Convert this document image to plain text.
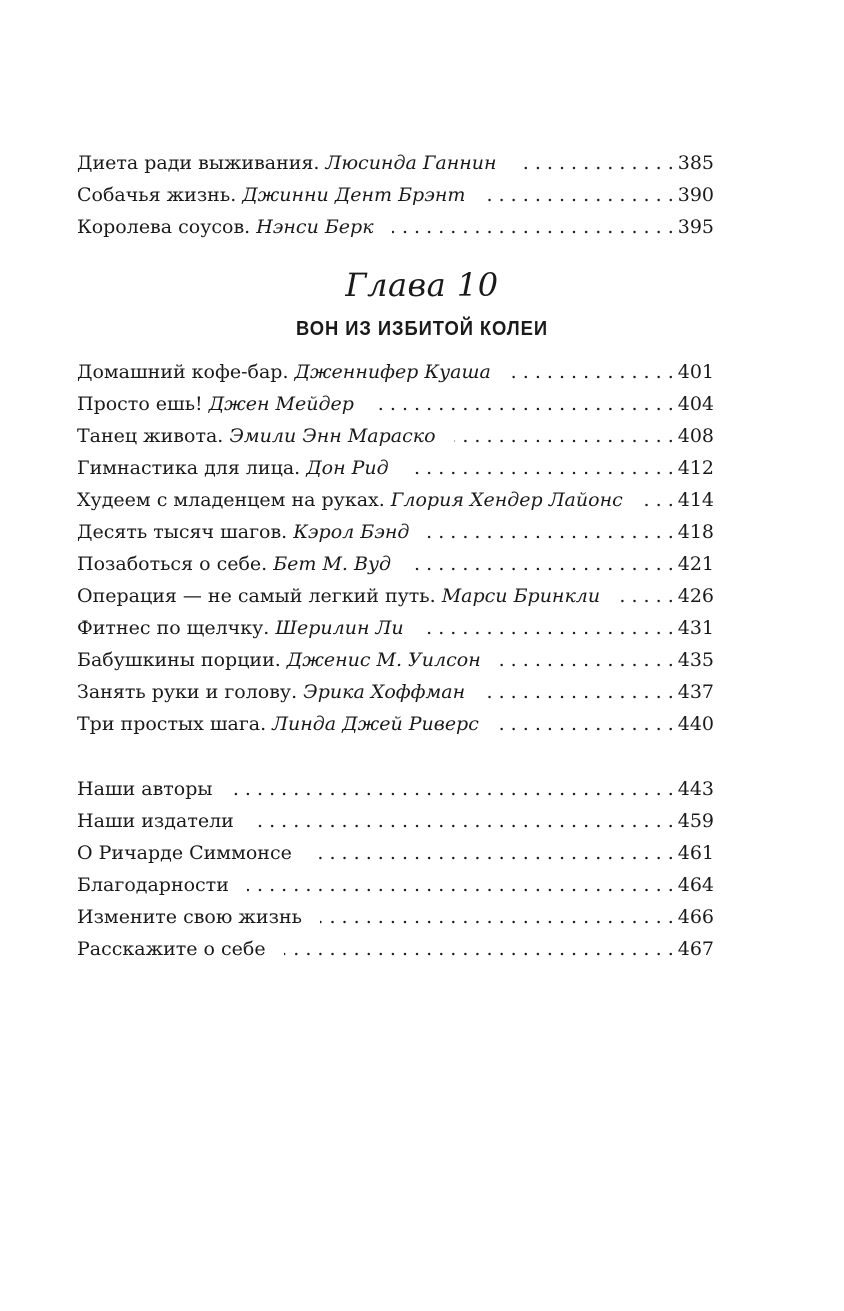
Диета ради выживания. Люсинда Ганнин . . .	385
Собачья жизнь. Джинни Дент Брэнт . . .	390
Королева соусов. Нэнси Берк . . .	395
Глава 10
ВОН ИЗ ИЗБИТОЙ КОЛЕИ
Домашний кофе-бар. Дженнифер Куаша . . .	401
Просто ешь! Джен Мейдер . . .	404
Танец живота. Эмили Энн Мараско . . .	408
Гимнастика для лица. Дон Рид . . .	412
Худеем с младенцем на руках. Глория Хендер Лайонс . . .	414
Десять тысяч шагов. Кэрол Бэнд . . .	418
Позаботься о себе. Бет М. Вуд . . .	421
Операция — не самый легкий путь. Марси Бринкли . . .	426
Фитнес по щелчку. Шерилин Ли . . .	431
Бабушкины порции. Дженис М. Уилсон . . .	435
Занять руки и голову. Эрика Хоффман . . .	437
Три простых шага. Линда Джей Риверс . . .	440
Наши авторы . . .	443
Наши издатели . . .	459
О Ричарде Симмонсе . . .	461
Благодарности . . .	464
Измените свою жизнь . . .	466
Расскажите о себе . . .	467
